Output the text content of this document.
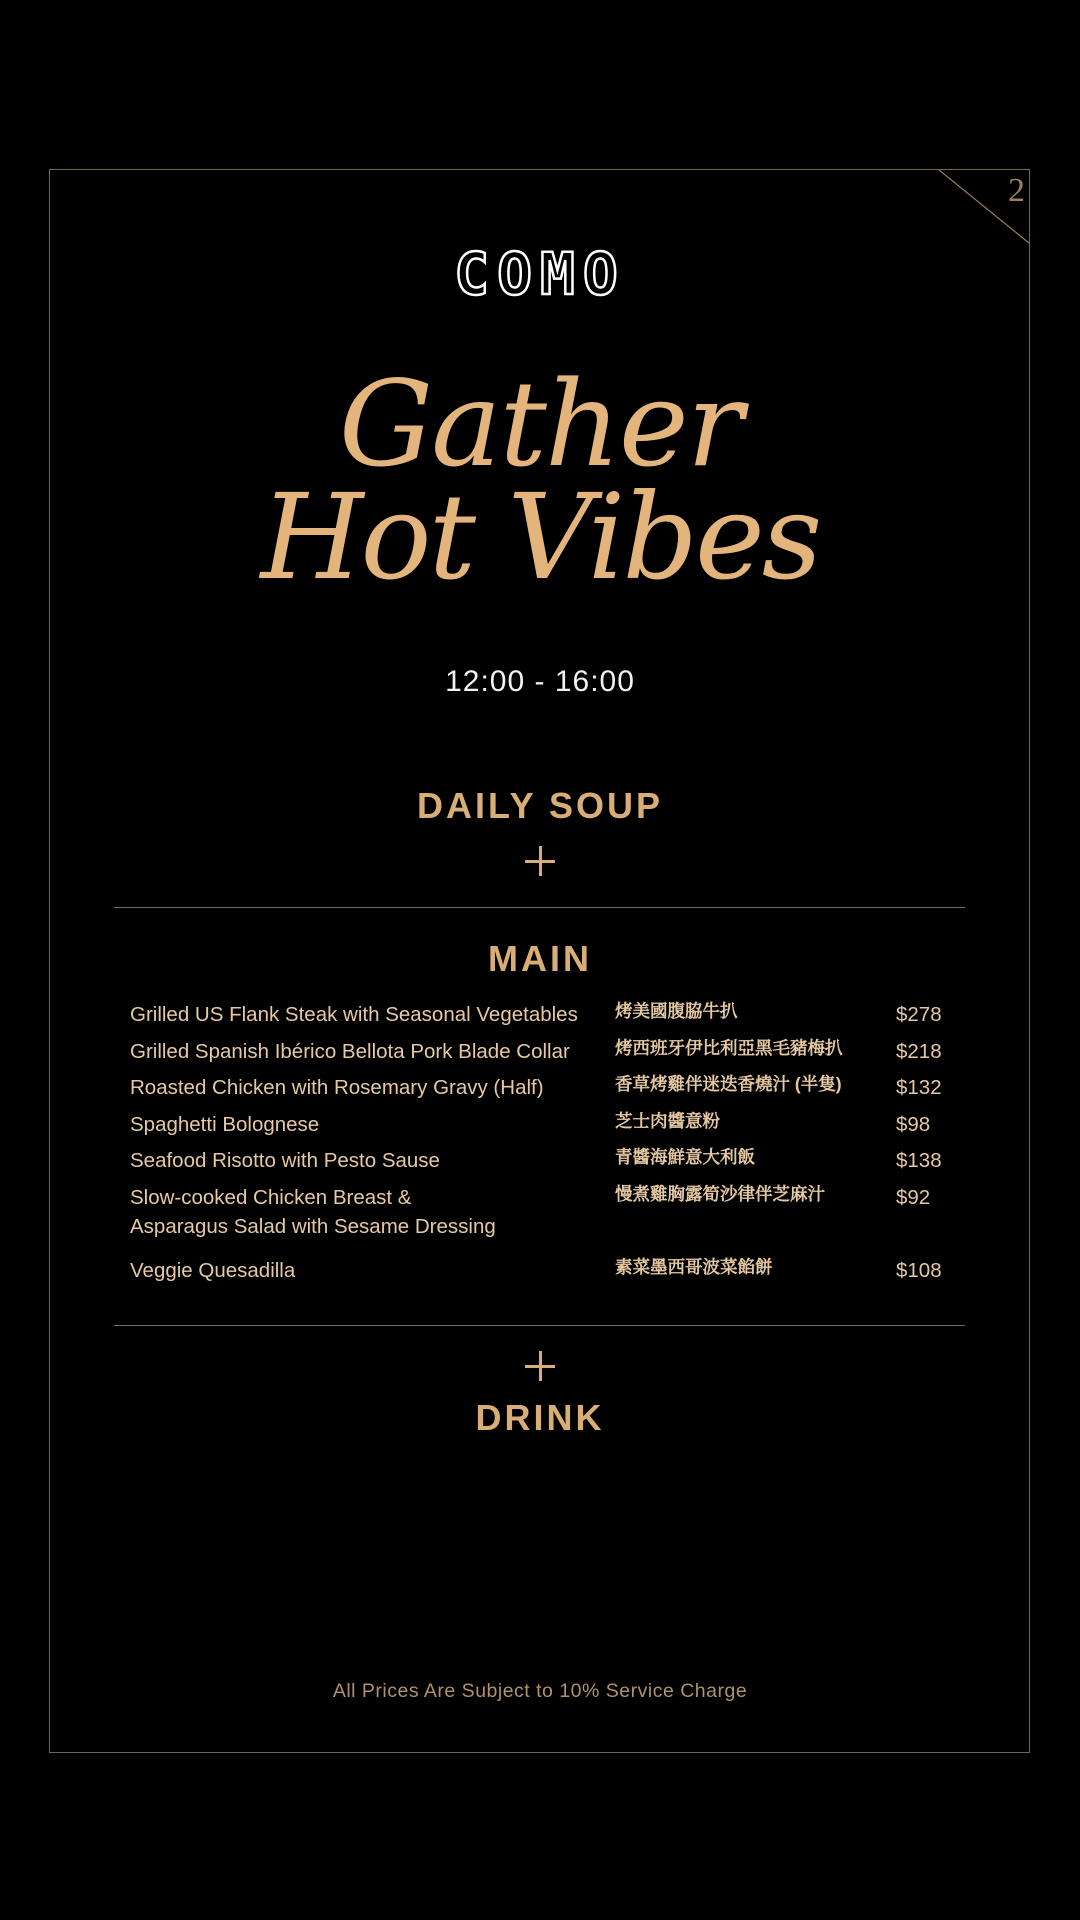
2
COMO
Gather
Hot Vibes
12:00 - 16:00
DAILY SOUP
MAIN
Grilled US Flank Steak with Seasonal Vegetables	烤美國腹脇牛扒	$278
Grilled Spanish Ibérico Bellota Pork Blade Collar	烤西班牙伊比利亞黑毛豬梅扒	$218
Roasted Chicken with Rosemary Gravy (Half)	香草烤雞伴迷迭香燒汁 (半隻)	$132
Spaghetti Bolognese	芝士肉醬意粉	$98
Seafood Risotto with Pesto Sause	青醬海鮮意大利飯	$138
Slow-cooked Chicken Breast &
Asparagus Salad with Sesame Dressing
慢煮雞胸露筍沙律伴芝麻汁	$92
Veggie Quesadilla	素菜墨西哥波菜餡餅	$108
DRINK
All Prices Are Subject to 10% Service Charge
